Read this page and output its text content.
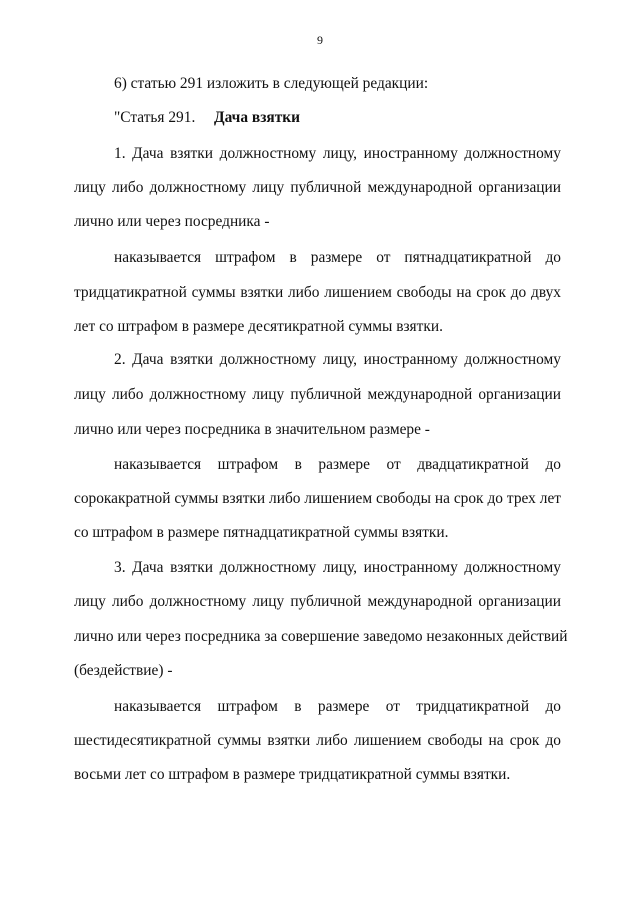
9
6) статью 291 изложить в следующей редакции:
"Статья 291. Дача взятки
1. Дача взятки должностному лицу, иностранному должностному
лицу либо должностному лицу публичной международной организации
лично или через посредника -
наказывается штрафом в размере от пятнадцатикратной до
тридцатикратной суммы взятки либо лишением свободы на срок до двух
лет со штрафом в размере десятикратной суммы взятки.
2. Дача взятки должностному лицу, иностранному должностному
лицу либо должностному лицу публичной международной организации
лично или через посредника в значительном размере -
наказывается штрафом в размере от двадцатикратной до
сорокакратной суммы взятки либо лишением свободы на срок до трех лет
со штрафом в размере пятнадцатикратной суммы взятки.
3. Дача взятки должностному лицу, иностранному должностному
лицу либо должностному лицу публичной международной организации
лично или через посредника за совершение заведомо незаконных действий
(бездействие) -
наказывается штрафом в размере от тридцатикратной до
шестидесятикратной суммы взятки либо лишением свободы на срок до
восьми лет со штрафом в размере тридцатикратной суммы взятки.
